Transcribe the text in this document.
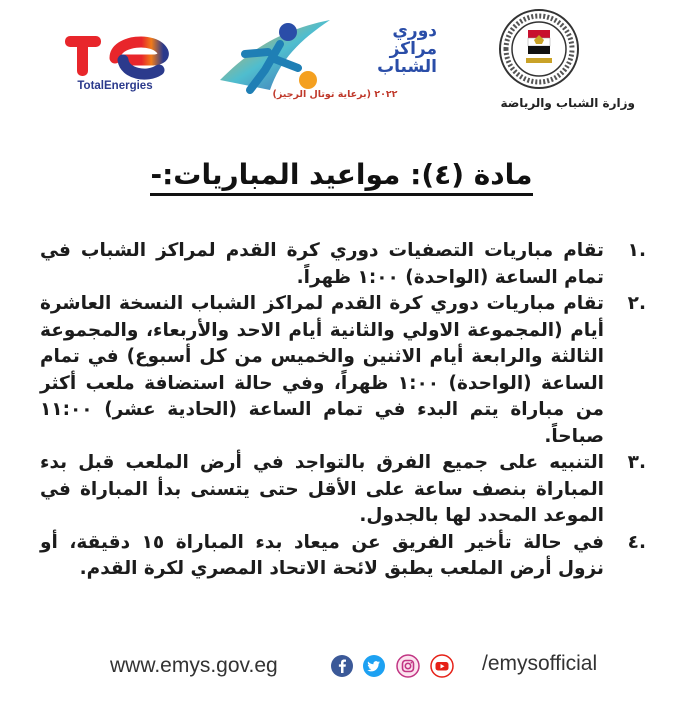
TotalEnergies
دوري
مراكز
الشباب
٢٠٢٢ (برعاية توتال الرجيز)
وزارة الشباب والرياضة
مادة (٤): مواعيد المباريات:-
.١
تقام مباريات التصفيات دوري كرة القدم لمراكز الشباب في تمام الساعة (الواحدة) ١:٠٠ ظهراً.
.٢
تقام مباريات دوري كرة القدم لمراكز الشباب النسخة العاشرة أيام (المجموعة الاولي والثانية أيام الاحد والأربعاء، والمجموعة الثالثة والرابعة أيام الاثنين والخميس من كل أسبوع) في تمام الساعة (الواحدة) ١:٠٠ ظهراً، وفي حالة استضافة ملعب أكثر من مباراة يتم البدء في تمام الساعة (الحادية عشر) ١١:٠٠ صباحاً.
.٣
التنبيه على جميع الفرق بالتواجد في أرض الملعب قبل بدء المباراة بنصف ساعة على الأقل حتى يتسنى بدأ المباراة في الموعد المحدد لها بالجدول.
.٤
في حالة تأخير الفريق عن ميعاد بدء المباراة ١٥ دقيقة، أو نزول أرض الملعب يطبق لائحة الاتحاد المصري لكرة القدم.
www.emys.gov.eg	/emysofficial
